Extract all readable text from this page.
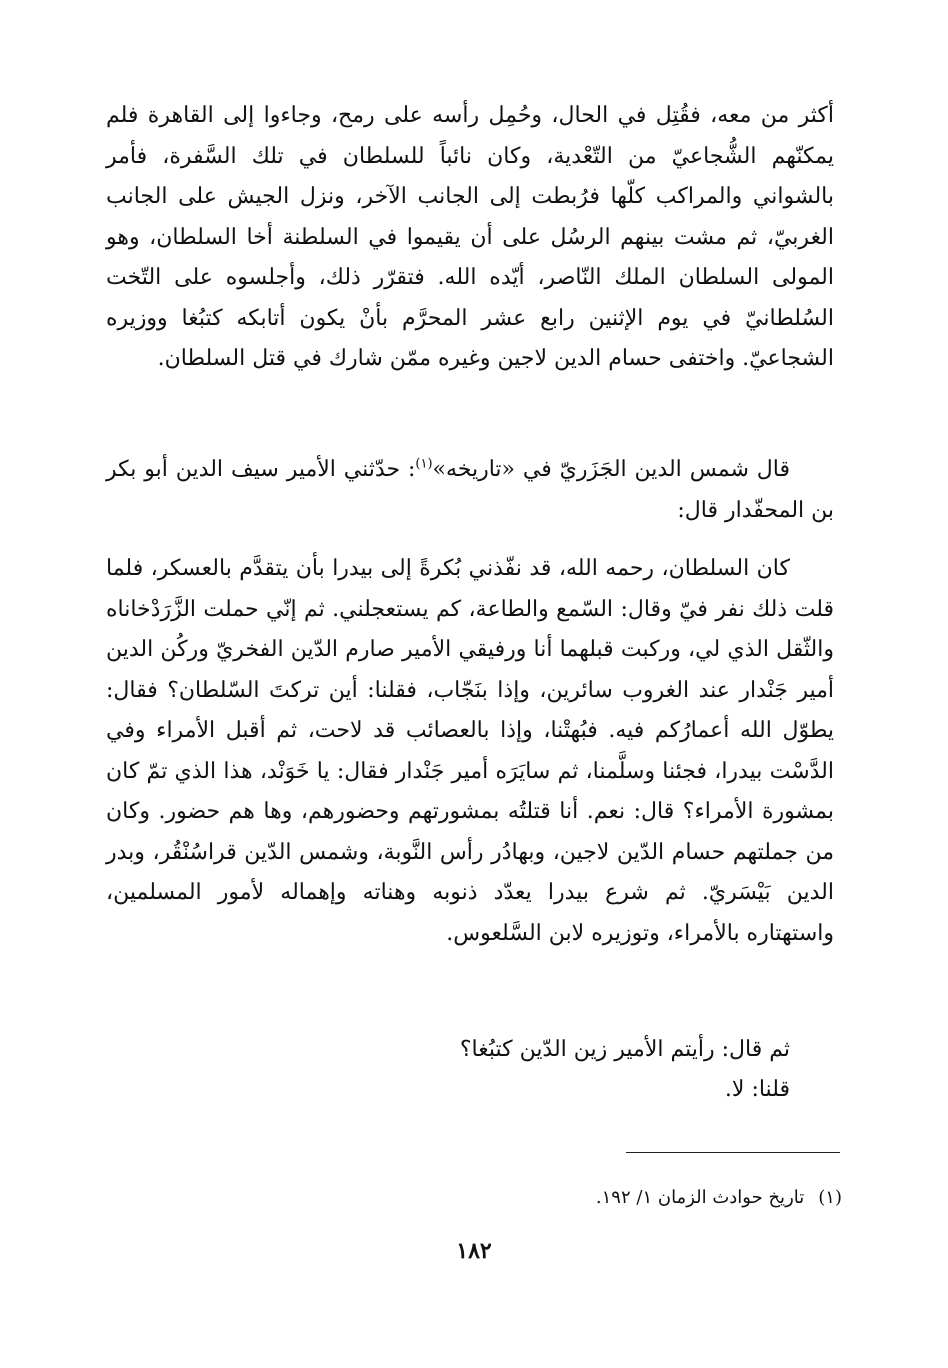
أكثر من معه، فقُتِل في الحال، وحُمِل رأسه على رمح، وجاءوا إلى القاهرة فلم يمكنّهم الشُّجاعيّ من التّعْدية، وكان نائباً للسلطان في تلك السَّفرة، فأمر بالشواني والمراكب كلّها فرُبطت إلى الجانب الآخر، ونزل الجيش على الجانب الغربيّ، ثم مشت بينهم الرسُل على أن يقيموا في السلطنة أخا السلطان، وهو المولى السلطان الملك النّاصر، أيّده الله. فتقرّر ذلك، وأجلسوه على التّخت السُلطانيّ في يوم الإثنين رابع عشر المحرَّم بأنْ يكون أتابكه كتبُغا ووزيره الشجاعيّ. واختفى حسام الدين لاجين وغيره ممّن شارك في قتل السلطان.

قال شمس الدين الجَزَريّ في «تاريخه»$^{(١)}$: حدّثني الأمير سيف الدين أبو بكر بن المحفّدار قال:

كان السلطان، رحمه الله، قد نفّذني بُكرةً إلى بيدرا بأن يتقدَّم بالعسكر، فلما قلت ذلك نفر فيّ وقال: السّمع والطاعة، كم يستعجلني. ثم إنّي حملت الزَّرَدْخاناه والثّقل الذي لي، وركبت قبلهما أنا ورفيقي الأمير صارم الدّين الفخريّ وركُن الدين أمير جَنْدار عند الغروب سائرين، وإذا بنَجّاب، فقلنا: أين تركتَ السّلطان؟ فقال: يطوّل الله أعمارُكم فيه. فبُهتْنا، وإذا بالعصائب قد لاحت، ثم أقبل الأمراء وفي الدَّسْت بيدرا، فجئنا وسلَّمنا، ثم سايَرَه أمير جَنْدار فقال: يا خَوَنْد، هذا الذي تمّ كان بمشورة الأمراء؟ قال: نعم. أنا قتلتُه بمشورتهم وحضورهم، وها هم حضور. وكان من جملتهم حسام الدّين لاجين، وبهادُر رأس النَّوبة، وشمس الدّين قراسُنْقُر، وبدر الدين بَيْسَريّ. ثم شرع بيدرا يعدّد ذنوبه وهناته وإهماله لأمور المسلمين، واستهتاره بالأمراء، وتوزيره لابن السَّلعوس.

ثم قال: رأيتم الأمير زين الدّين كتبُغا؟
قلنا: لا.
(١)تاريخ حوادث الزمان ١/ ١٩٢.
١٨٢
